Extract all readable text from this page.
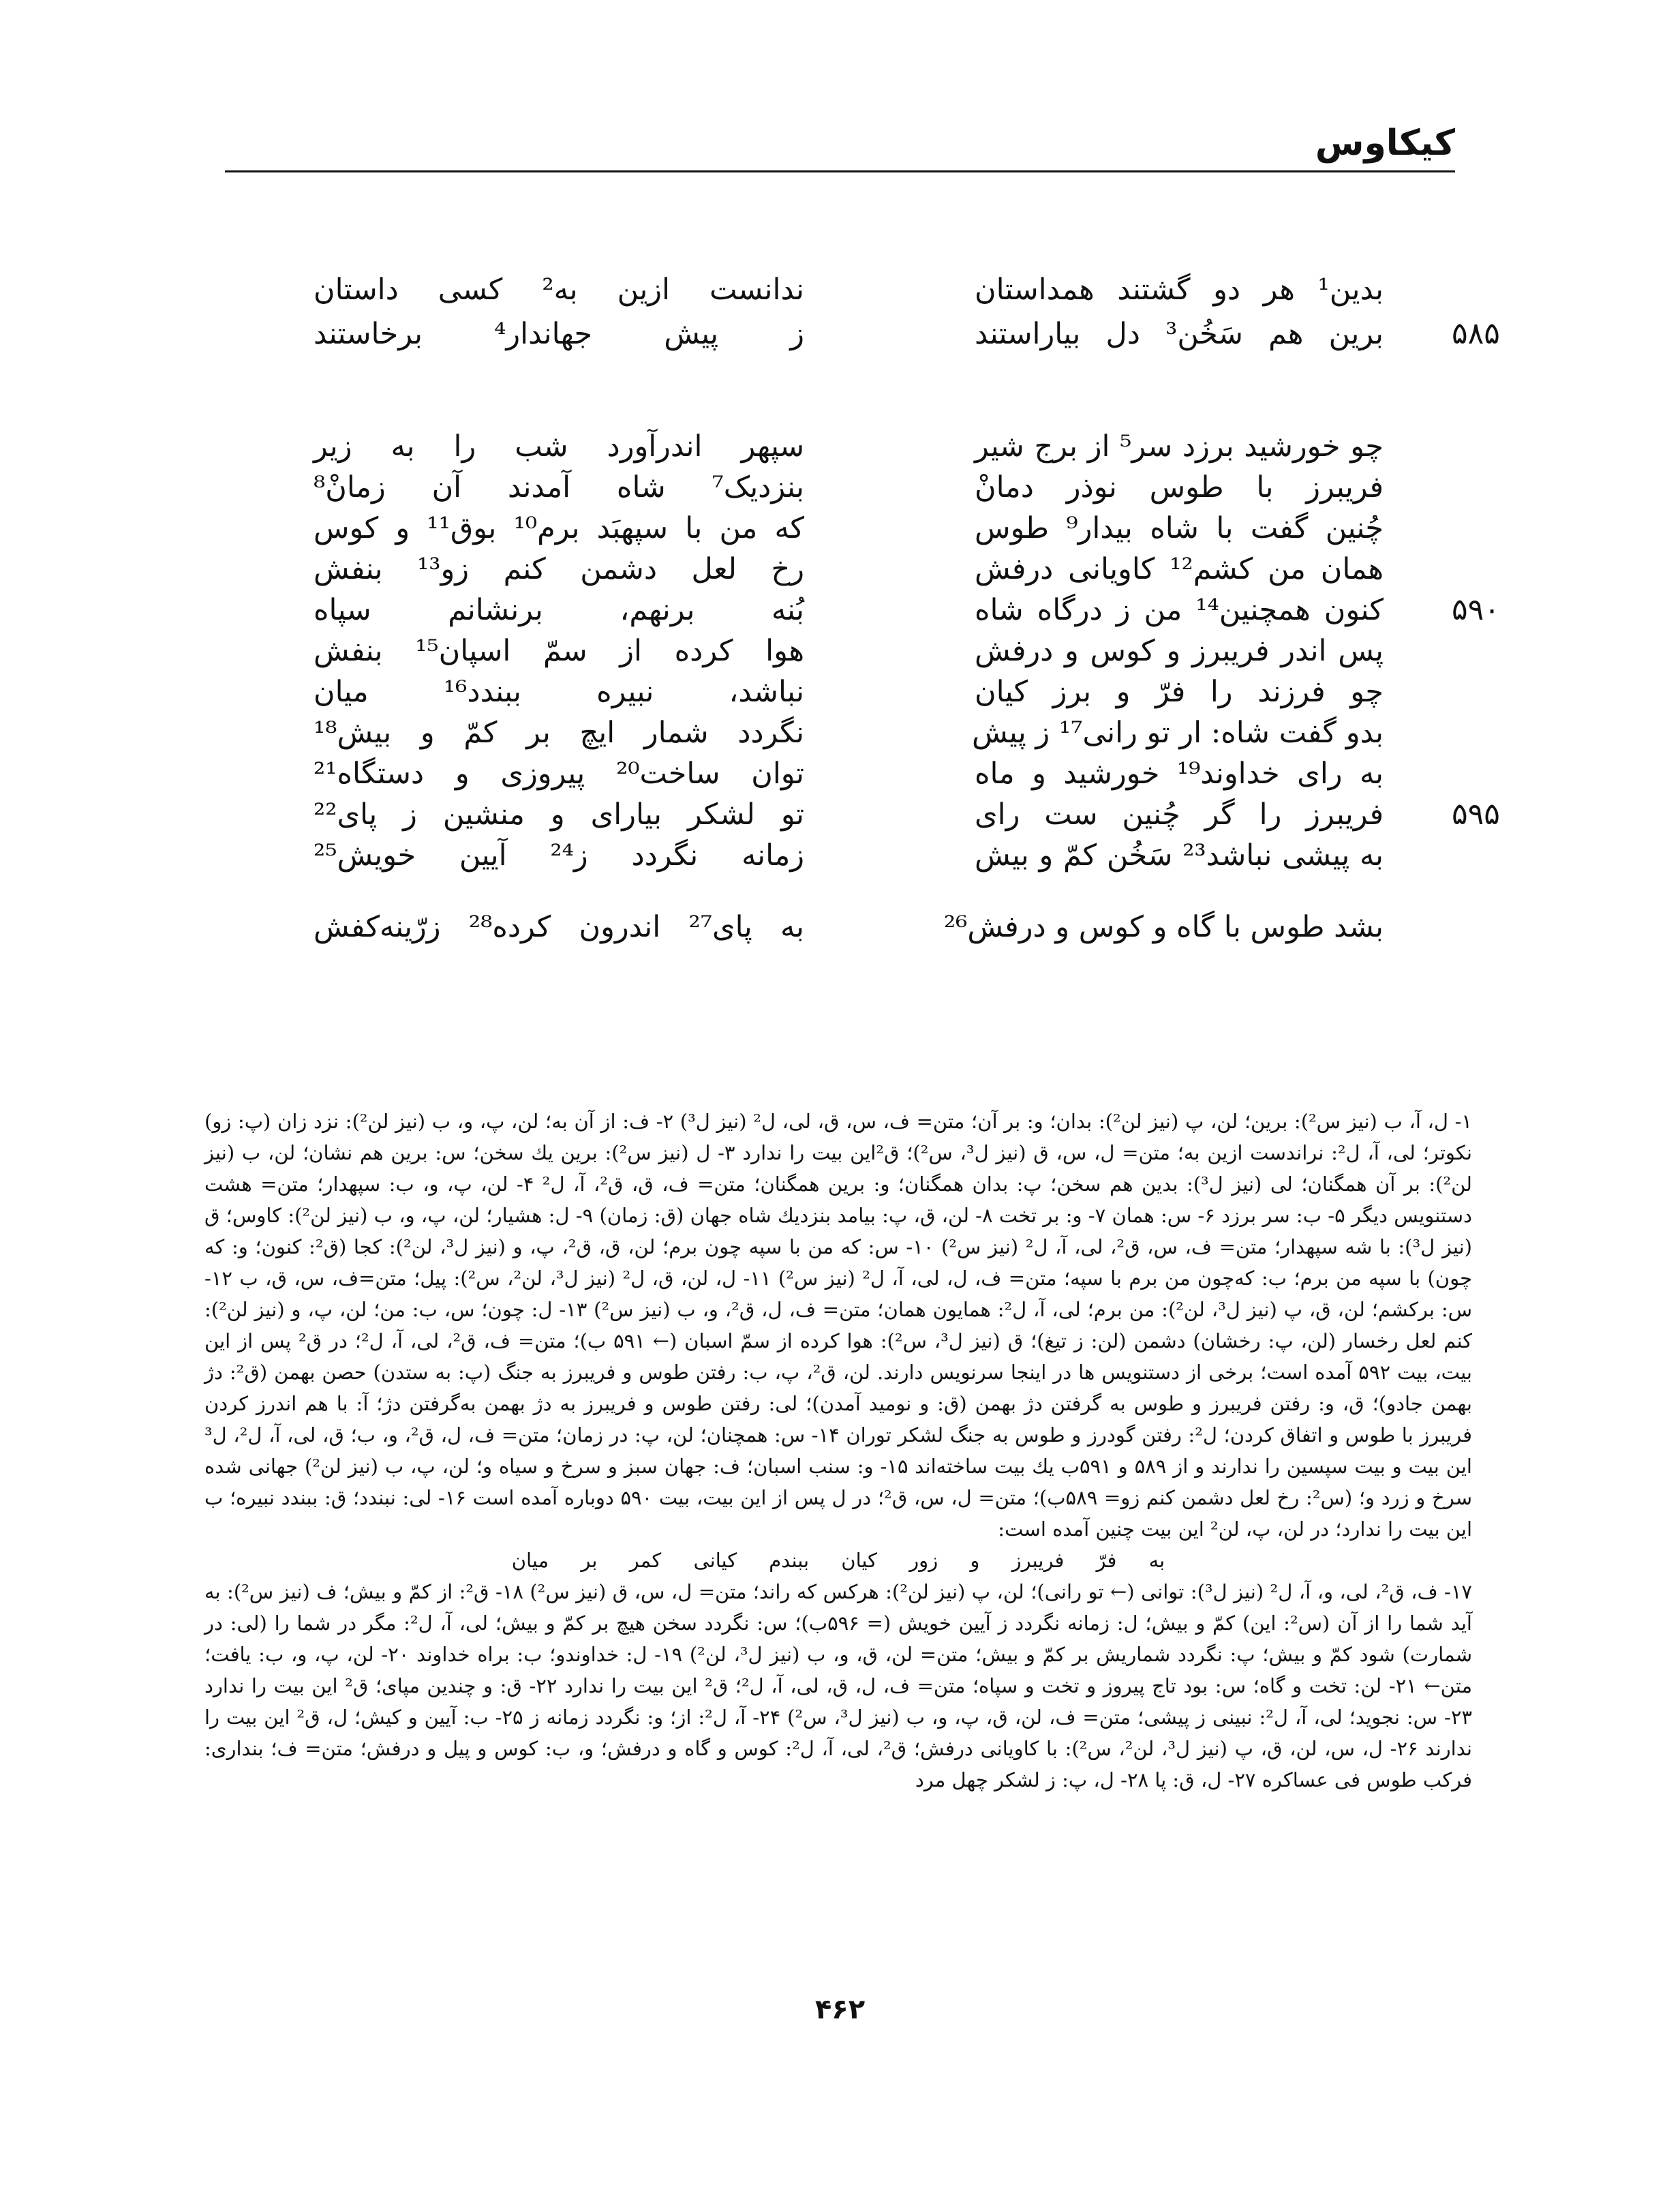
کیکاوس
بدین¹ هر دو گشتند همداستان
ندانست ازین به² کسی داستان
۵۸۵
برین هم سَخُن³ دل بیاراستند
ز پیش جهاندار⁴ برخاستند
چو خورشید برزد سر⁵ از برج شیر
سپهر اندرآورد شب را به زیر
فریبرز با طوس نوذر دمانْ
بنزدیک⁷ شاه آمدند آن زمانْ⁸
چُنین گفت با شاه بیدار⁹ طوس
که من با سپهبَد برم¹⁰ بوق¹¹ و کوس
همان من کشم¹² کاویانی درفش
رخ لعل دشمن کنم زو¹³ بنفش
۵۹۰
کنون همچنین¹⁴ من ز درگاه شاه
بُنه برنهم، برنشانم سپاه
پس اندر فریبرز و کوس و درفش
هوا کرده از سمّ اسپان¹⁵ بنفش
چو فرزند را فرّ و برز کیان
نباشد، نبیره ببندد¹⁶ میان
بدو گفت شاه: ار تو رانی¹⁷ ز پیش
نگردد شمار ایچ بر کمّ و بیش¹⁸
به رای خداوند¹⁹ خورشید و ماه
توان ساخت²⁰ پیروزی و دستگاه²¹
۵۹۵
فریبرز را گر چُنین ست رای
تو لشکر بیارای و منشین ز پای²²
به پیشی نباشد²³ سَخُن کمّ و بیش
زمانه نگردد ز²⁴ آیین خویش²⁵
بشد طوس با گاه و کوس و درفش²⁶
به پای²⁷ اندرون کرده²⁸ زرّینه‌کفش

۱- ل، آ، ب (نیز س²): برین؛ لن، پ (نیز لن²): بدان؛ و: بر آن؛ متن= ف، س، ق، لی، ل² (نیز ل³) ۲- ف: از آن به؛ لن، پ، و، ب (نیز لن²): نزد زان (پ: زو) نکوتر؛ لی، آ، ل²: نراندست ازین به؛ متن= ل، س، ق (نیز ل³، س²)؛ ق²این بیت را ندارد ۳- ل (نیز س²): برین یك سخن؛ س: برین هم نشان؛ لن، ب (نیز لن²): بر آن همگنان؛ لی (نیز ل³): بدین هم سخن؛ پ: بدان همگنان؛ و: برین همگنان؛ متن= ف، ق، ق²، آ، ل² ۴- لن، پ، و، ب: سپهدار؛ متن= هشت دستنویس دیگر ۵- ب: سر برزد ۶- س: همان ۷- و: بر تخت ۸- لن، ق، پ: بیامد بنزدیك شاه جهان (ق: زمان) ۹- ل: هشیار؛ لن، پ، و، ب (نیز لن²): کاوس؛ ق (نیز ل³): با شه سپهدار؛ متن= ف، س، ق²، لی، آ، ل² (نیز س²) ۱۰- س: که من با سپه چون برم؛ لن، ق، ق²، پ، و (نیز ل³، لن²): کجا (ق²: کنون؛ و: که چون) با سپه من برم؛ ب: که‌چون من برم با سپه؛ متن= ف، ل، لی، آ، ل² (نیز س²) ۱۱- ل، لن، ق، ل² (نیز ل³، لن²، س²): پیل؛ متن=ف، س، ق، ب ۱۲- س: برکشم؛ لن، ق، پ (نیز ل³، لن²): من برم؛ لی، آ، ل²: همایون همان؛ متن= ف، ل، ق²، و، ب (نیز س²) ۱۳- ل: چون؛ س، ب: من؛ لن، پ، و (نیز لن²): کنم لعل رخسار (لن، پ: رخشان) دشمن (لن: ز تیغ)؛ ق (نیز ل³، س²): هوا کرده از سمّ اسبان (← ۵۹۱ ب)؛ متن= ف، ق²، لی، آ، ل²؛ در ق² پس از این بیت، بیت ۵۹۲ آمده است؛ برخی از دستنویس ها در اینجا سرنویس دارند. لن، ق²، پ، ب: رفتن طوس و فریبرز به جنگ (پ: به ستدن) حصن بهمن (ق²: دژ بهمن جادو)؛ ق، و: رفتن فریبرز و طوس به گرفتن دژ بهمن (ق: و نومید آمدن)؛ لی: رفتن طوس و فریبرز به دژ بهمن به‌گرفتن دژ؛ آ: با هم اندرز کردن فریبرز با طوس و اتفاق کردن؛ ل²: رفتن گودرز و طوس به جنگ لشکر توران ۱۴- س: همچنان؛ لن، پ: در زمان؛ متن= ف، ل، ق²، و، ب؛ ق، لی، آ، ل²، ل³ این بیت و بیت سپسین را ندارند و از ۵۸۹ و ۵۹۱ب یك بیت ساخته‌اند ۱۵- و: سنب اسبان؛ ف: جهان سبز و سرخ و سیاه و؛ لن، پ، ب (نیز لن²) جهانی شده سرخ و زرد و؛ (س²: رخ لعل دشمن کنم زو= ۵۸۹ب)؛ متن= ل، س، ق²؛ در ل پس از این بیت، بیت ۵۹۰ دوباره آمده است ۱۶- لی: نبندد؛ ق: ببندد نبیره؛ ب این بیت را ندارد؛ در لن، پ، لن² این بیت چنین آمده است:

به فرّ فریبرز و زور کیان ببندم کیانی کمر بر میان

۱۷- ف، ق²، لی، و، آ، ل² (نیز ل³): توانی (← تو رانی)؛ لن، پ (نیز لن²): هرکس که راند؛ متن= ل، س، ق (نیز س²) ۱۸- ق²: از کمّ و بیش؛ ف (نیز س²): به آید شما را از آن (س²: این) کمّ و بیش؛ ل: زمانه نگردد ز آیین خویش (= ۵۹۶ب)؛ س: نگردد سخن هیچ بر کمّ و بیش؛ لی، آ، ل²: مگر در شما را (لی: در شمارت) شود کمّ و بیش؛ پ: نگردد شماریش بر کمّ و بیش؛ متن= لن، ق، و، ب (نیز ل³، لن²) ۱۹- ل: خداوندو؛ ب: براه خداوند ۲۰- لن، پ، و، ب: یافت؛ متن← ۲۱- لن: تخت و گاه؛ س: بود تاج پیروز و تخت و سپاه؛ متن= ف، ل، ق، لی، آ، ل²؛ ق² این بیت را ندارد ۲۲- ق: و چندین مپای؛ ق² این بیت را ندارد ۲۳- س: نجوید؛ لی، آ، ل²: نبینی ز پیشی؛ متن= ف، لن، ق، پ، و، ب (نیز ل³، س²) ۲۴- آ، ل²: از؛ و: نگردد زمانه ز ۲۵- ب: آیین و کیش؛ ل، ق² این بیت را ندارند ۲۶- ل، س، لن، ق، پ (نیز ل³، لن²، س²): با کاویانی درفش؛ ق²، لی، آ، ل²: کوس و گاه و درفش؛ و، ب: کوس و پیل و درفش؛ متن= ف؛ بنداری: فرکب طوس فی عساکره ۲۷- ل، ق: پا ۲۸- ل، پ: ز لشکر چهل مرد

۴۶۲
